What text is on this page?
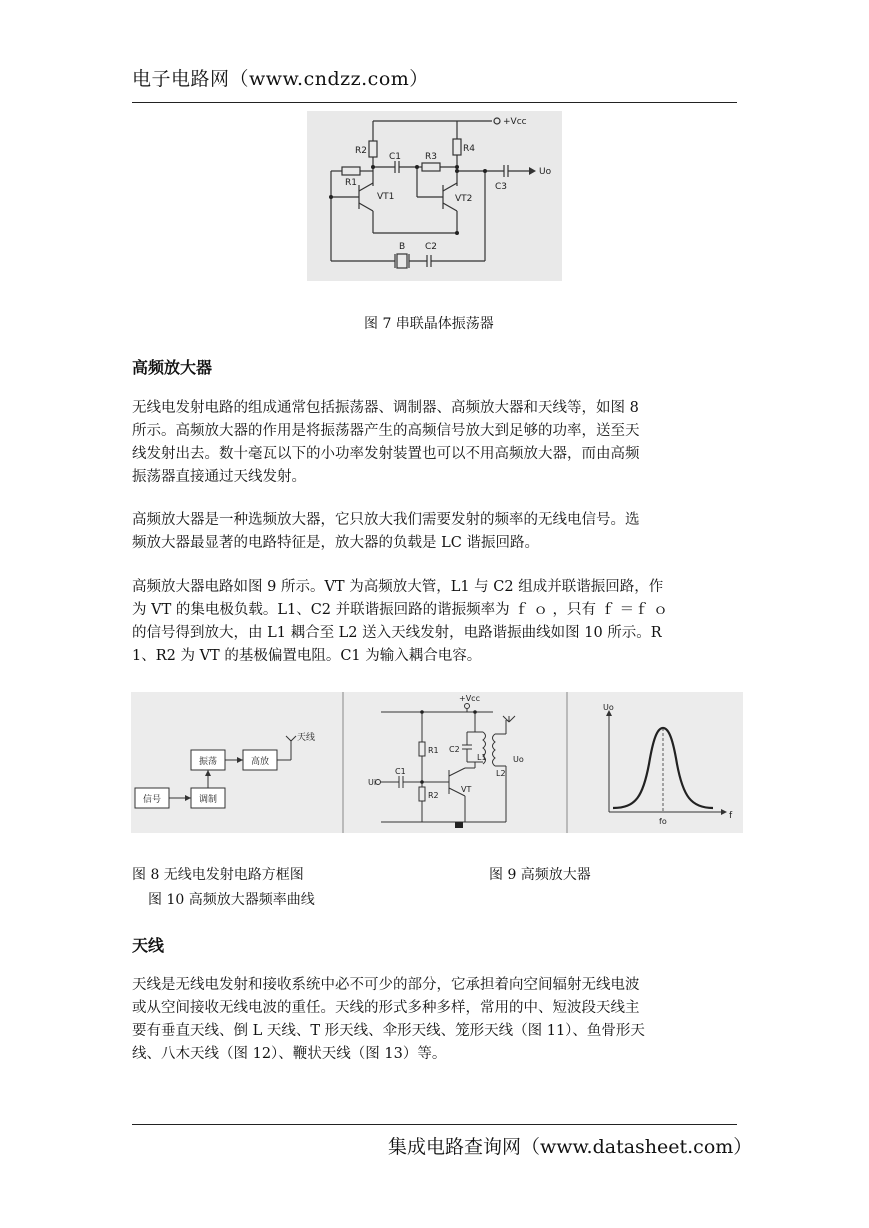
电子电路网（www.cndzz.com）
+Vcc
R2
C1	R3
R4
R1
VT1	VT2
C3
Uo
B C2
图 7 串联晶体振荡器
高频放大器
无线电发射电路的组成通常包括振荡器、调制器、高频放大器和天线等，如图 8
所示。高频放大器的作用是将振荡器产生的高频信号放大到足够的功率，送至天
线发射出去。数十毫瓦以下的小功率发射装置也可以不用高频放大器，而由高频
振荡器直接通过天线发射。
高频放大器是一种选频放大器，它只放大我们需要发射的频率的无线电信号。选
频放大器最显著的电路特征是，放大器的负载是 LC 谐振回路。
高频放大器电路如图 9 所示。VT 为高频放大管，L1 与 C2 组成并联谐振回路，作
为 VT 的集电极负载。L1、C2 并联谐振回路的谐振频率为 ｆ ｏ ，只有 ｆ ＝ｆ ｏ
的信号得到放大，由 L1 耦合至 L2 送入天线发射，电路谐振曲线如图 10 所示。R
1、R2 为 VT 的基极偏置电阻。C1 为输入耦合电容。
振荡	高放
信号	调制
天线
+Vcc
R1 C2
L1
L2
Uo
Ui
C1
R2
VT
Uo
f
fo
图 8 无线电发射电路方框图	图 9 高频放大器
图 10 高频放大器频率曲线
天线
天线是无线电发射和接收系统中必不可少的部分，它承担着向空间辐射无线电波
或从空间接收无线电波的重任。天线的形式多种多样，常用的中、短波段天线主
要有垂直天线、倒 L 天线、T 形天线、伞形天线、笼形天线（图 11）、鱼骨形天
线、八木天线（图 12）、鞭状天线（图 13）等。
集成电路查询网（www.datasheet.com）
